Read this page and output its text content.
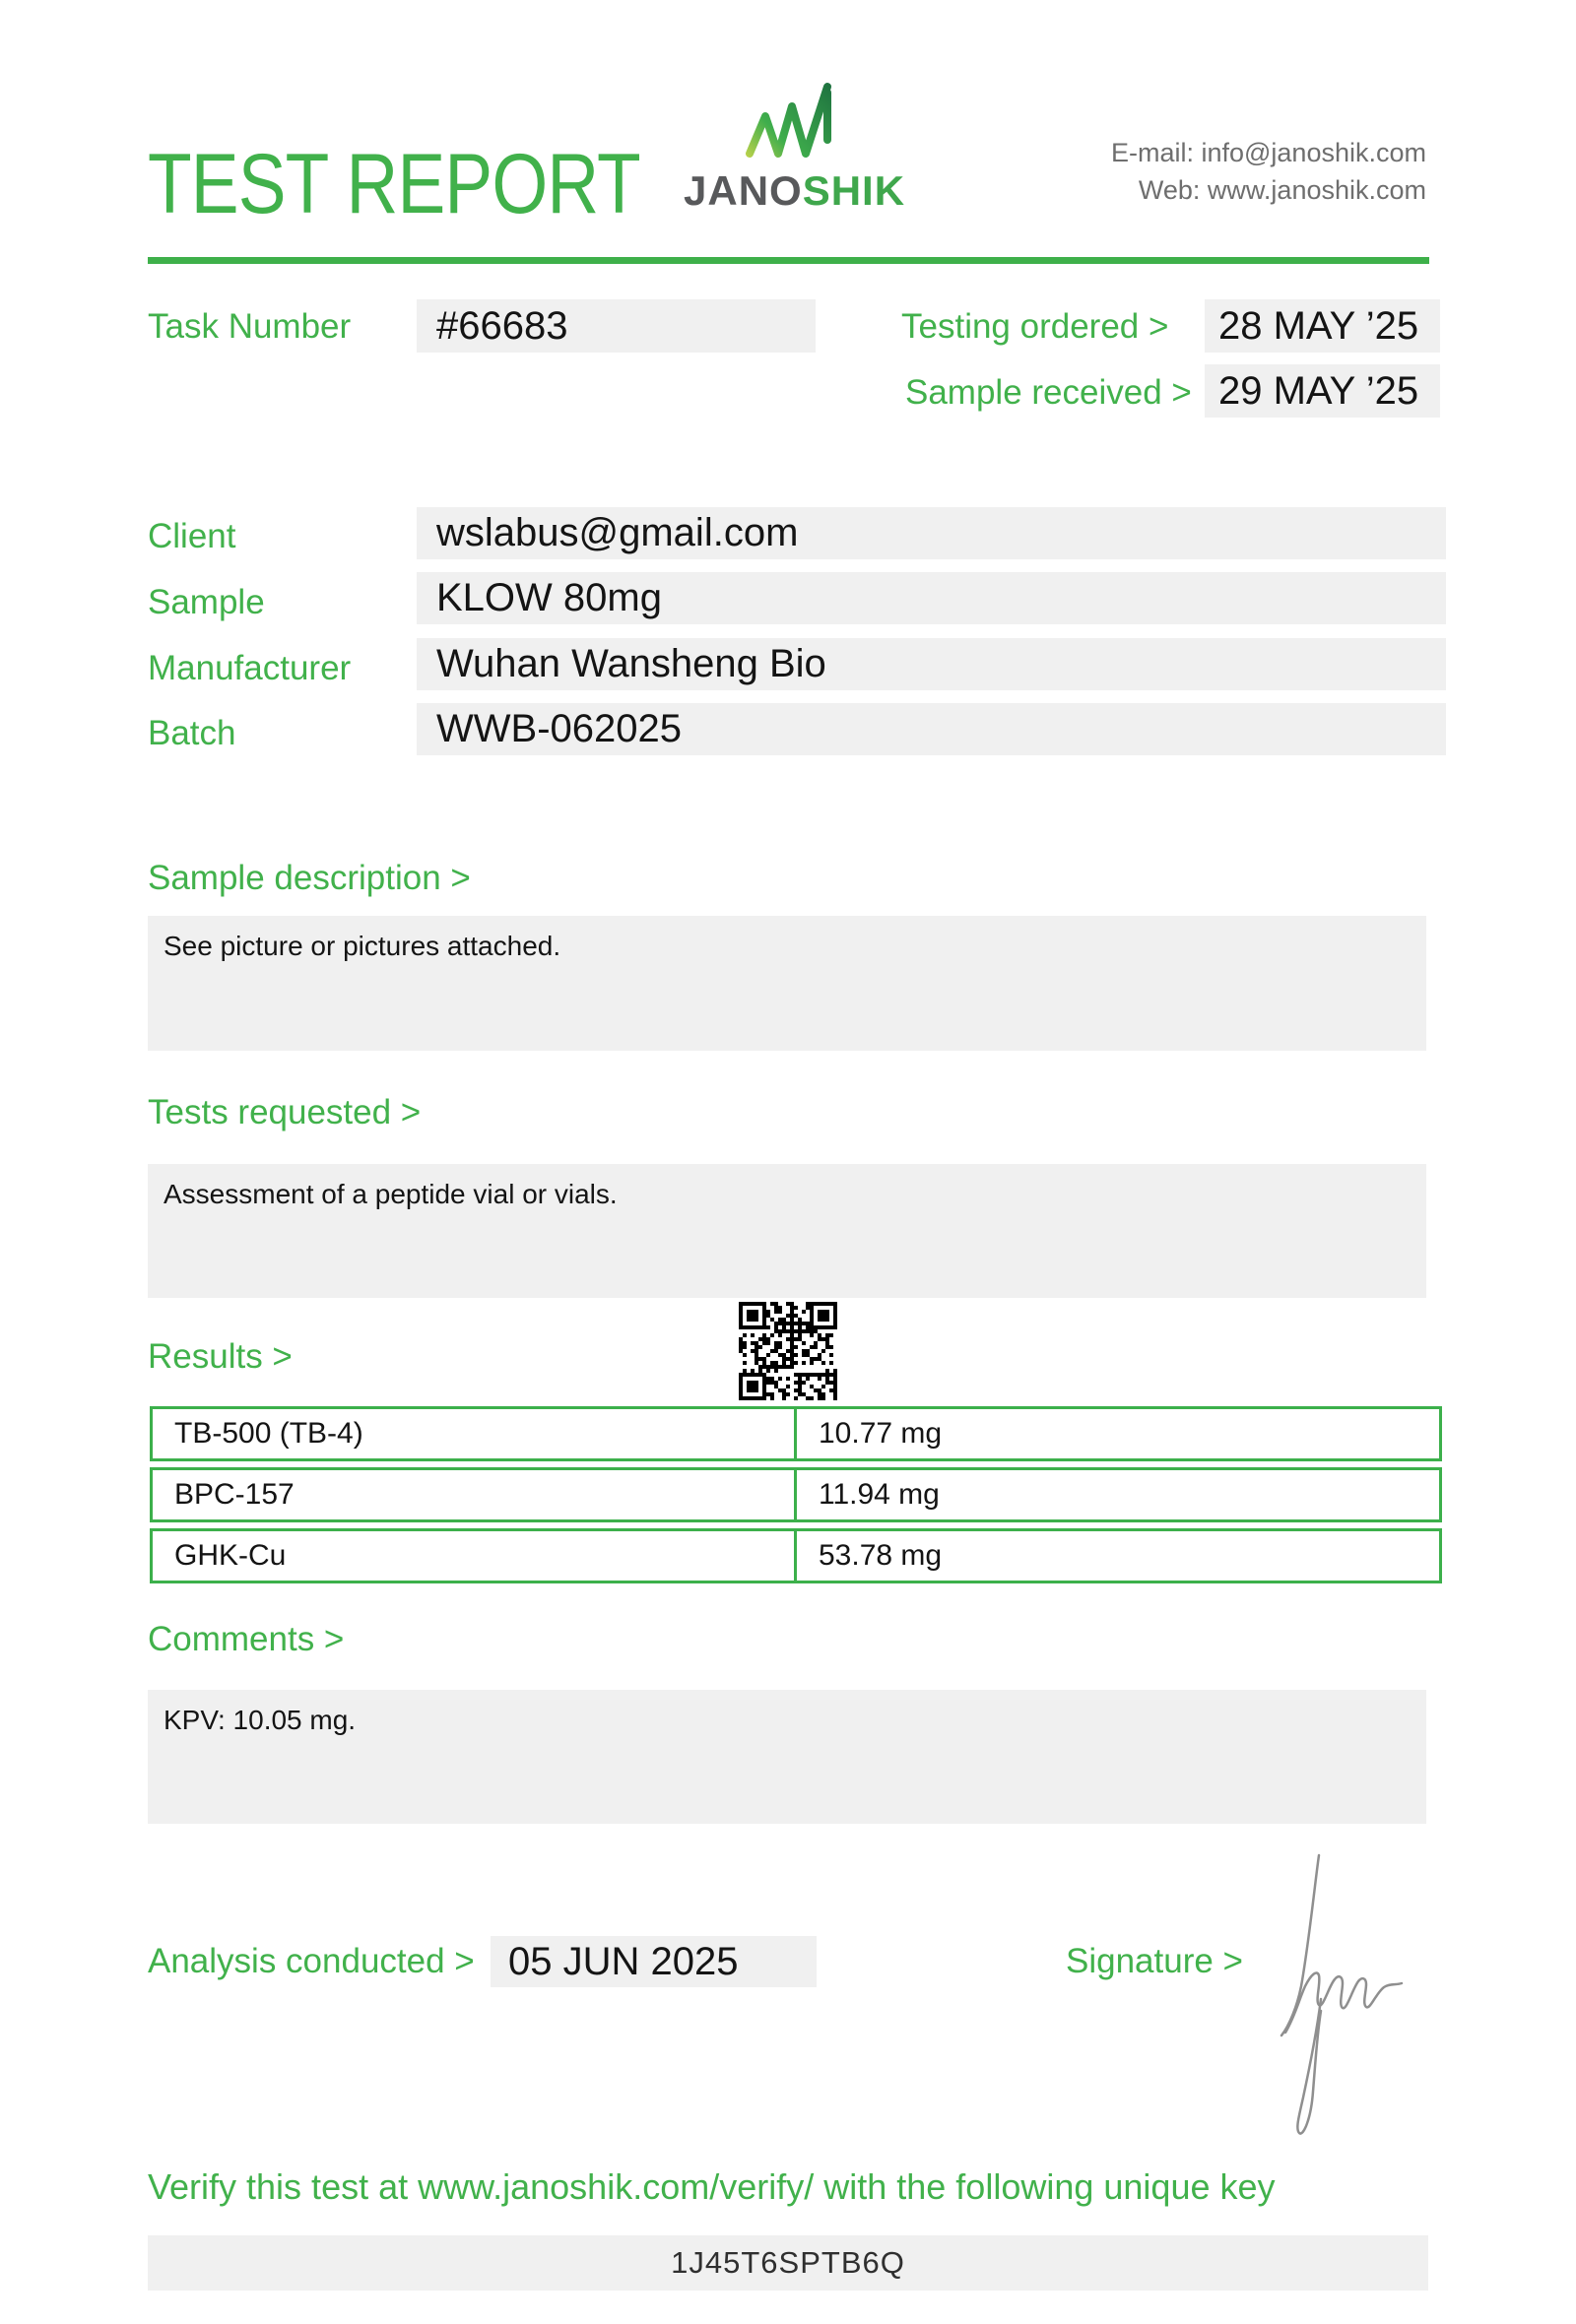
TEST REPORT JANOSHIK
E-mail: info@janoshik.com
Web: www.janoshik.com
Task Number	#66683	Testing ordered >	28 MAY ’25
Sample received > 29 MAY ’25
Client	wslabus@gmail.com
Sample	KLOW 80mg
Manufacturer	Wuhan Wansheng Bio
Batch	WWB-062025
Sample description >
See picture or pictures attached.
Tests requested >
Assessment of a peptide vial or vials.
Results >
TB-500 (TB-4)	10.77 mg
BPC-157	11.94 mg
GHK-Cu	53.78 mg
Comments >
KPV: 10.05 mg.
Analysis conducted > 05 JUN 2025	Signature >
Verify this test at www.janoshik.com/verify/ with the following unique key
1J45T6SPTB6Q
